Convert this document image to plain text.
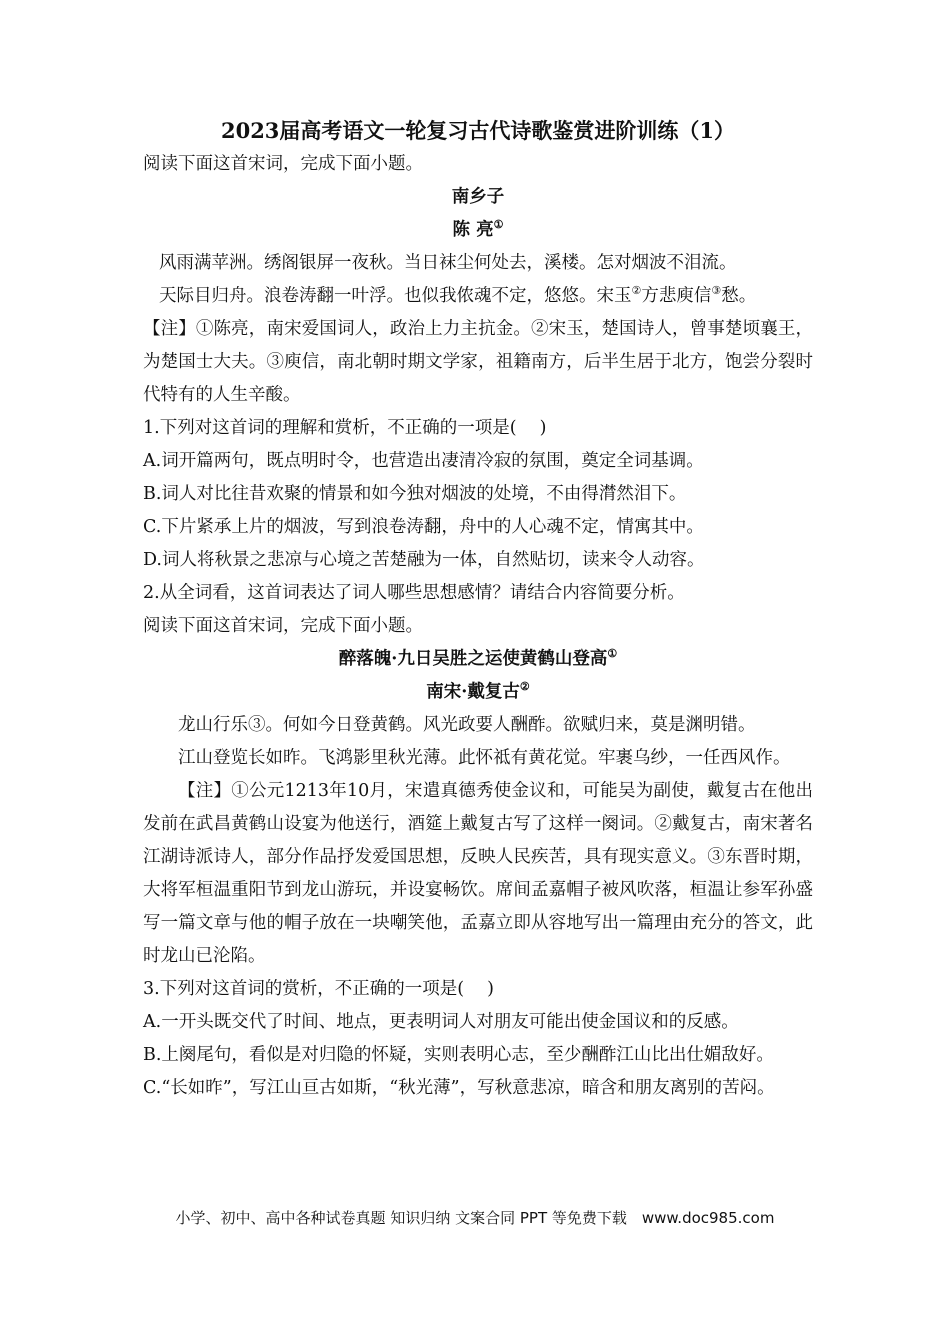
2023届高考语文一轮复习古代诗歌鉴赏进阶训练（1）
阅读下面这首宋词，完成下面小题。
南乡子
陈 亮①
风雨满苹洲。绣阁银屏一夜秋。当日袜尘何处去，溪楼。怎对烟波不泪流。
天际目归舟。浪卷涛翻一叶浮。也似我侬魂不定，悠悠。宋玉②方悲庾信③愁。
【注】①陈亮，南宋爱国词人，政治上力主抗金。②宋玉，楚国诗人，曾事楚顷襄王，为楚国士大夫。③庾信，南北朝时期文学家，祖籍南方，后半生居于北方，饱尝分裂时代特有的人生辛酸。
1.下列对这首词的理解和赏析，不正确的一项是(　 )
A.词开篇两句，既点明时令，也营造出凄清冷寂的氛围，奠定全词基调。
B.词人对比往昔欢聚的情景和如今独对烟波的处境，不由得潸然泪下。
C.下片紧承上片的烟波，写到浪卷涛翻，舟中的人心魂不定，情寓其中。
D.词人将秋景之悲凉与心境之苦楚融为一体，自然贴切，读来令人动容。
2.从全词看，这首词表达了词人哪些思想感情？请结合内容简要分析。
阅读下面这首宋词，完成下面小题。
醉落魄·九日吴胜之运使黄鹤山登高①
南宋·戴复古②
龙山行乐③。何如今日登黄鹤。风光政要人酬酢。欲赋归来，莫是渊明错。
江山登览长如昨。飞鸿影里秋光薄。此怀祗有黄花觉。牢裹乌纱，一任西风作。
【注】①公元1213年10月，宋遣真德秀使金议和，可能吴为副使，戴复古在他出发前在武昌黄鹤山设宴为他送行，酒筵上戴复古写了这样一阕词。②戴复古，南宋著名江湖诗派诗人，部分作品抒发爱国思想，反映人民疾苦，具有现实意义。③东晋时期，大将军桓温重阳节到龙山游玩，并设宴畅饮。席间孟嘉帽子被风吹落，桓温让参军孙盛写一篇文章与他的帽子放在一块嘲笑他，孟嘉立即从容地写出一篇理由充分的答文，此时龙山已沦陷。
3.下列对这首词的赏析，不正确的一项是(　 )
A.一开头既交代了时间、地点，更表明词人对朋友可能出使金国议和的反感。
B.上阕尾句，看似是对归隐的怀疑，实则表明心志，至少酬酢江山比出仕媚敌好。
C.“长如昨”，写江山亘古如斯，“秋光薄”，写秋意悲凉，暗含和朋友离别的苦闷。
小学、初中、高中各种试卷真题 知识归纳 文案合同 PPT 等免费下载　www.doc985.com
